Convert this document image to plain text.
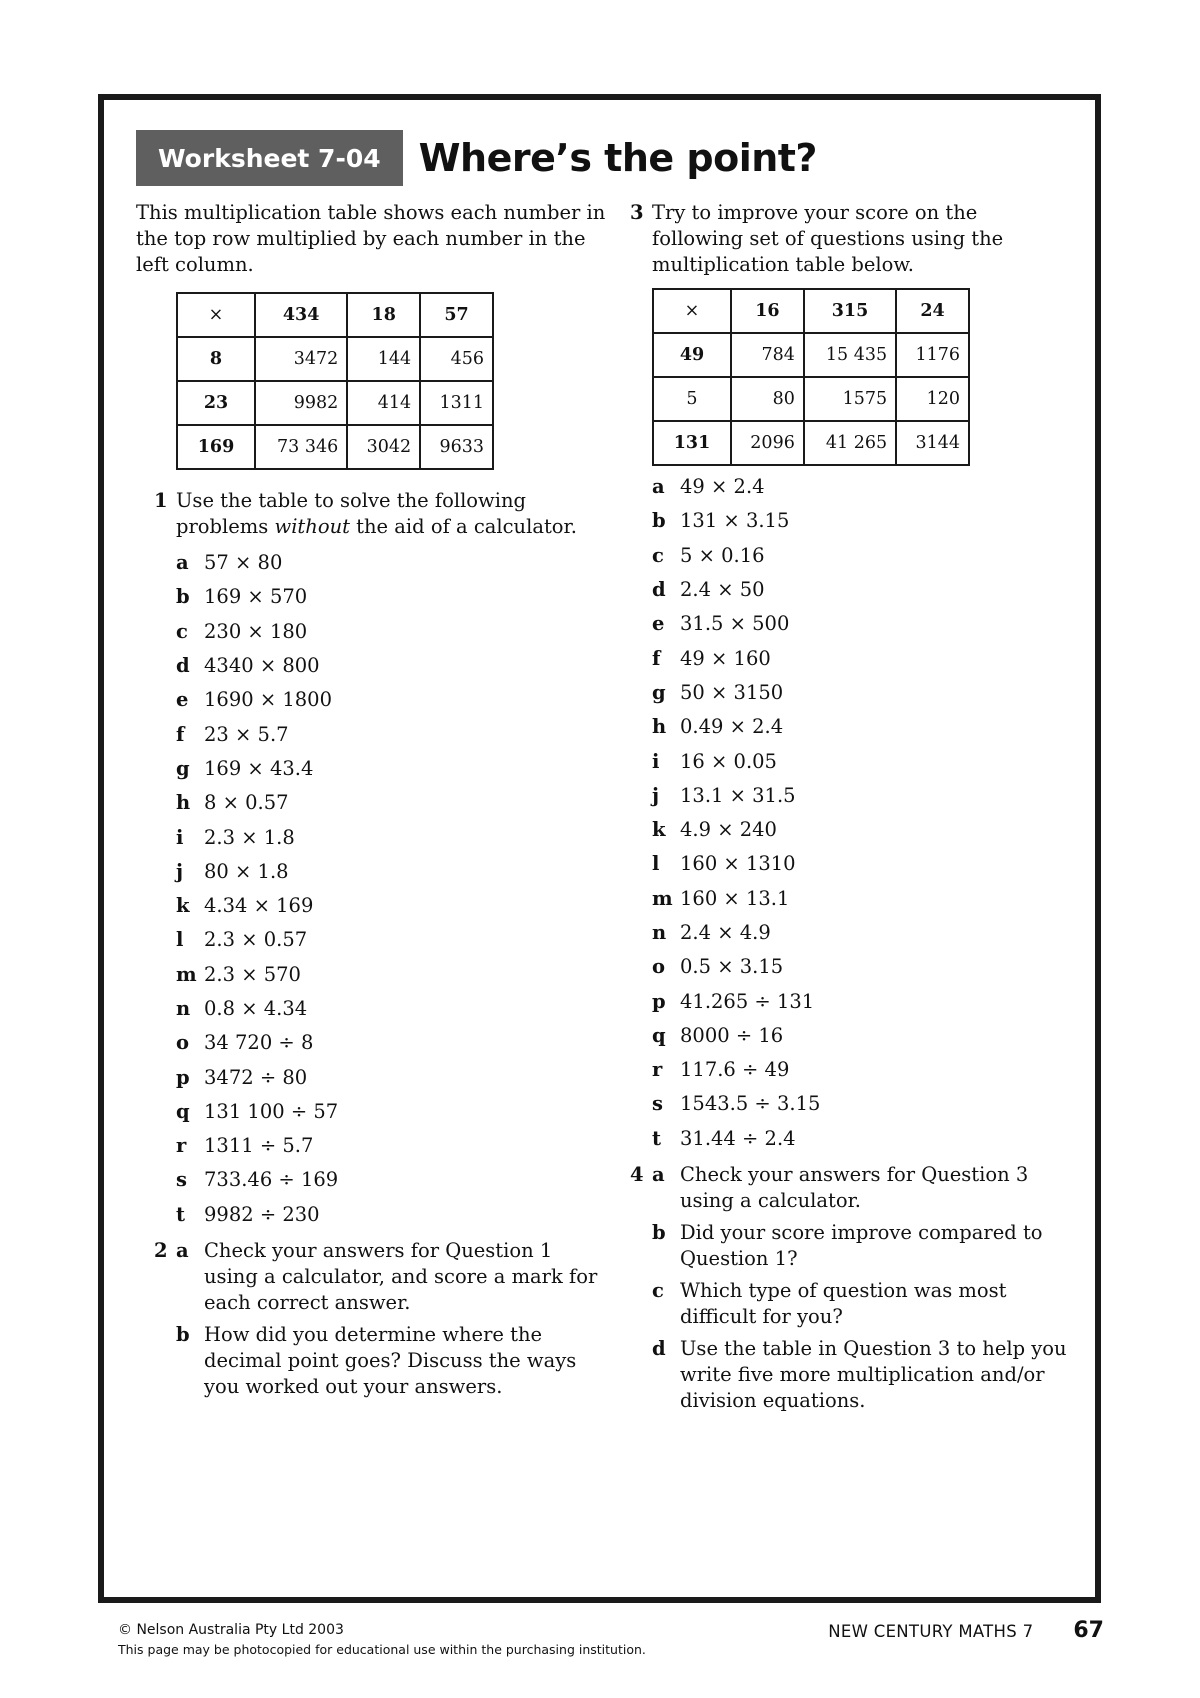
Worksheet 7-04	Where’s the point?

This multiplication table shows each number in the top row multiplied by each number in the left column.

×	434	18	57
8	3472	144	456
23	9982	414	1311
169	73 346	3042	9633
1 Use the table to solve the following problems without the aid of a calculator.
a 57 × 80
b 169 × 570
c 230 × 180
d 4340 × 800
e 1690 × 1800
f	23 × 5.7
g 169 × 43.4
h 8 × 0.57
i	2.3 × 1.8
j	80 × 1.8
k 4.34 × 169
l	2.3 × 0.57
m 2.3 × 570
n 0.8 × 4.34
o 34 720 ÷ 8
p 3472 ÷ 80
q 131 100 ÷ 57
r 1311 ÷ 5.7
s 733.46 ÷ 169
t 9982 ÷ 230
2 a Check your answers for Question 1 using a calculator, and score a mark for each correct answer.
b How did you determine where the decimal point goes? Discuss the ways you worked out your answers.
3 Try to improve your score on the following set of questions using the multiplication table below.
×	16	315	24
49	784	15 435	1176
5	80	1575	120
131	2096	41 265	3144
a 49 × 2.4
b 131 × 3.15
c 5 × 0.16
d 2.4 × 50
e 31.5 × 500
f	49 × 160
g 50 × 3150
h 0.49 × 2.4
i	16 × 0.05
j	13.1 × 31.5
k 4.9 × 240
l	160 × 1310
m 160 × 13.1
n 2.4 × 4.9
o 0.5 × 3.15
p 41.265 ÷ 131
q 8000 ÷ 16
r 117.6 ÷ 49
s 1543.5 ÷ 3.15
t 31.44 ÷ 2.4
4 a Check your answers for Question 3 using a calculator.
b Did your score improve compared to Question 1?
c Which type of question was most difficult for you?
d Use the table in Question 3 to help you write five more multiplication and/or division equations.
© Nelson Australia Pty Ltd 2003
This page may be photocopied for educational use within the purchasing institution.
NEW CENTURY MATHS 7 67
